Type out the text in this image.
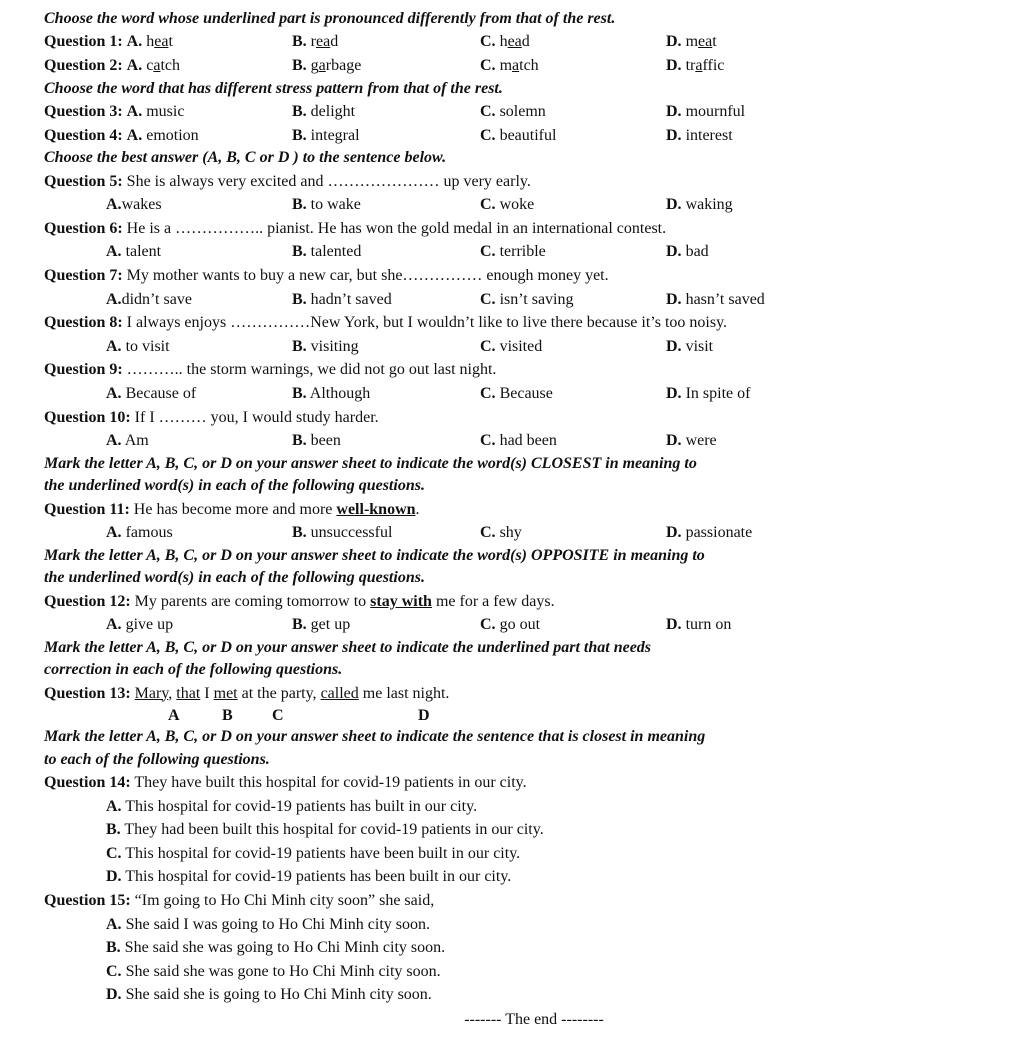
Choose the word whose underlined part is pronounced differently from that of the rest.

Question 1: A. heat	B. read	C. head	D. meat
Question 2: A. catch	B. garbage	C. match	D. traffic

Choose the word that has different stress pattern from that of the rest.

Question 3: A. music	B. delight	C. solemn	D. mournful
Question 4: A. emotion	B. integral	C. beautiful	D. interest

Choose the best answer (A, B, C or D ) to the sentence below.

Question 5: She is always very excited and ………………… up very early.
A.wakes	B. to wake	C. woke	D. waking
Question 6: He is a …………….. pianist. He has won the gold medal in an international contest.
A. talent	B. talented	C. terrible	D. bad
Question 7: My mother wants to buy a new car, but she…………… enough money yet.
A.didn’t save	B. hadn’t saved	C. isn’t saving	D. hasn’t saved
Question 8: I always enjoys ……………New York, but I wouldn’t like to live there because it’s too noisy.
A. to visit	B. visiting	C. visited	D. visit
Question 9: ……….. the storm warnings, we did not go out last night.
A. Because of	B. Although	C. Because	D. In spite of
Question 10: If I ……… you, I would study harder.
A. Am	B. been	C. had been	D. were

Mark the letter A, B, C, or D on your answer sheet to indicate the word(s) CLOSEST in meaning to

the underlined word(s) in each of the following questions.

Question 11: He has become more and more well-known.
A. famous	B. unsuccessful	C. shy	D. passionate

Mark the letter A, B, C, or D on your answer sheet to indicate the word(s) OPPOSITE in meaning to

the underlined word(s) in each of the following questions.

Question 12: My parents are coming tomorrow to stay with me for a few days.
A. give up	B. get up	C. go out	D. turn on

Mark the letter A, B, C, or D on your answer sheet to indicate the underlined part that needs

correction in each of the following questions.

Question 13: Mary, that I met at the party, called me last night.
A	B C	D

Mark the letter A, B, C, or D on your answer sheet to indicate the sentence that is closest in meaning

to each of the following questions.

Question 14: They have built this hospital for covid-19 patients in our city.
A. This hospital for covid-19 patients has built in our city.
B. They had been built this hospital for covid-19 patients in our city.
C. This hospital for covid-19 patients have been built in our city.
D. This hospital for covid-19 patients has been built in our city.
Question 15: “Im going to Ho Chi Minh city soon” she said,
A. She said I was going to Ho Chi Minh city soon.
B. She said she was going to Ho Chi Minh city soon.
C. She said she was gone to Ho Chi Minh city soon.
D. She said she is going to Ho Chi Minh city soon.
------- The end --------
